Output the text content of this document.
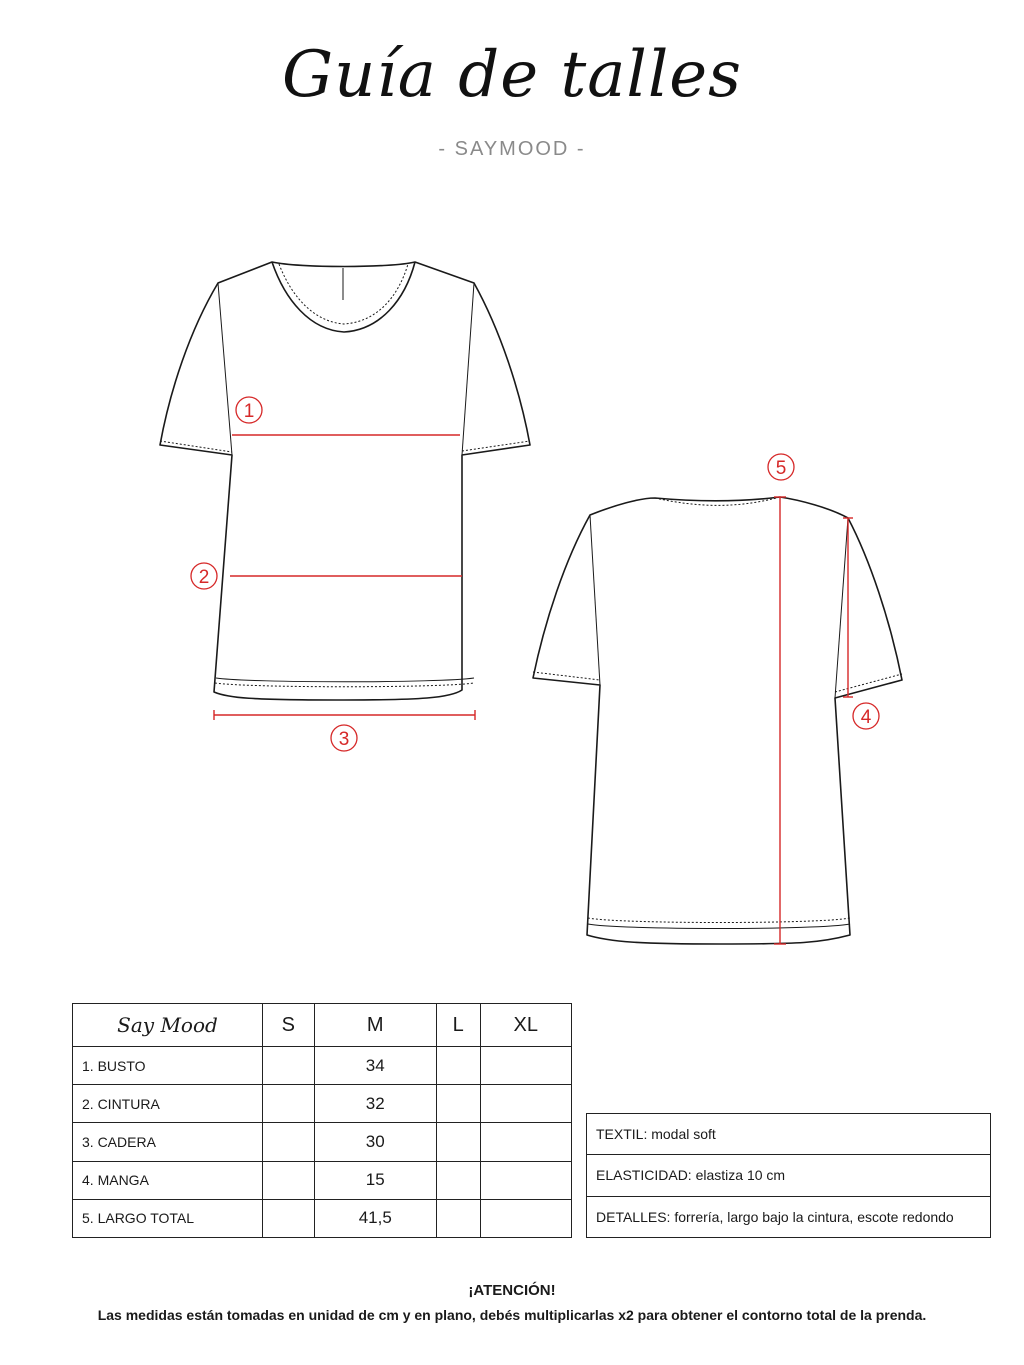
Guía de talles
- SAYMOOD -
1
2
3
4
5
Say Mood	S	M	L	XL
1. BUSTO		34		
2. CINTURA		32		
3. CADERA		30		
4. MANGA		15		
5. LARGO TOTAL		41,5		
TEXTIL: modal soft
ELASTICIDAD: elastiza 10 cm
DETALLES: forrería, largo bajo la cintura, escote redondo
¡ATENCIÓN!
Las medidas están tomadas en unidad de cm y en plano, debés multiplicarlas x2 para obtener el contorno total de la prenda.
